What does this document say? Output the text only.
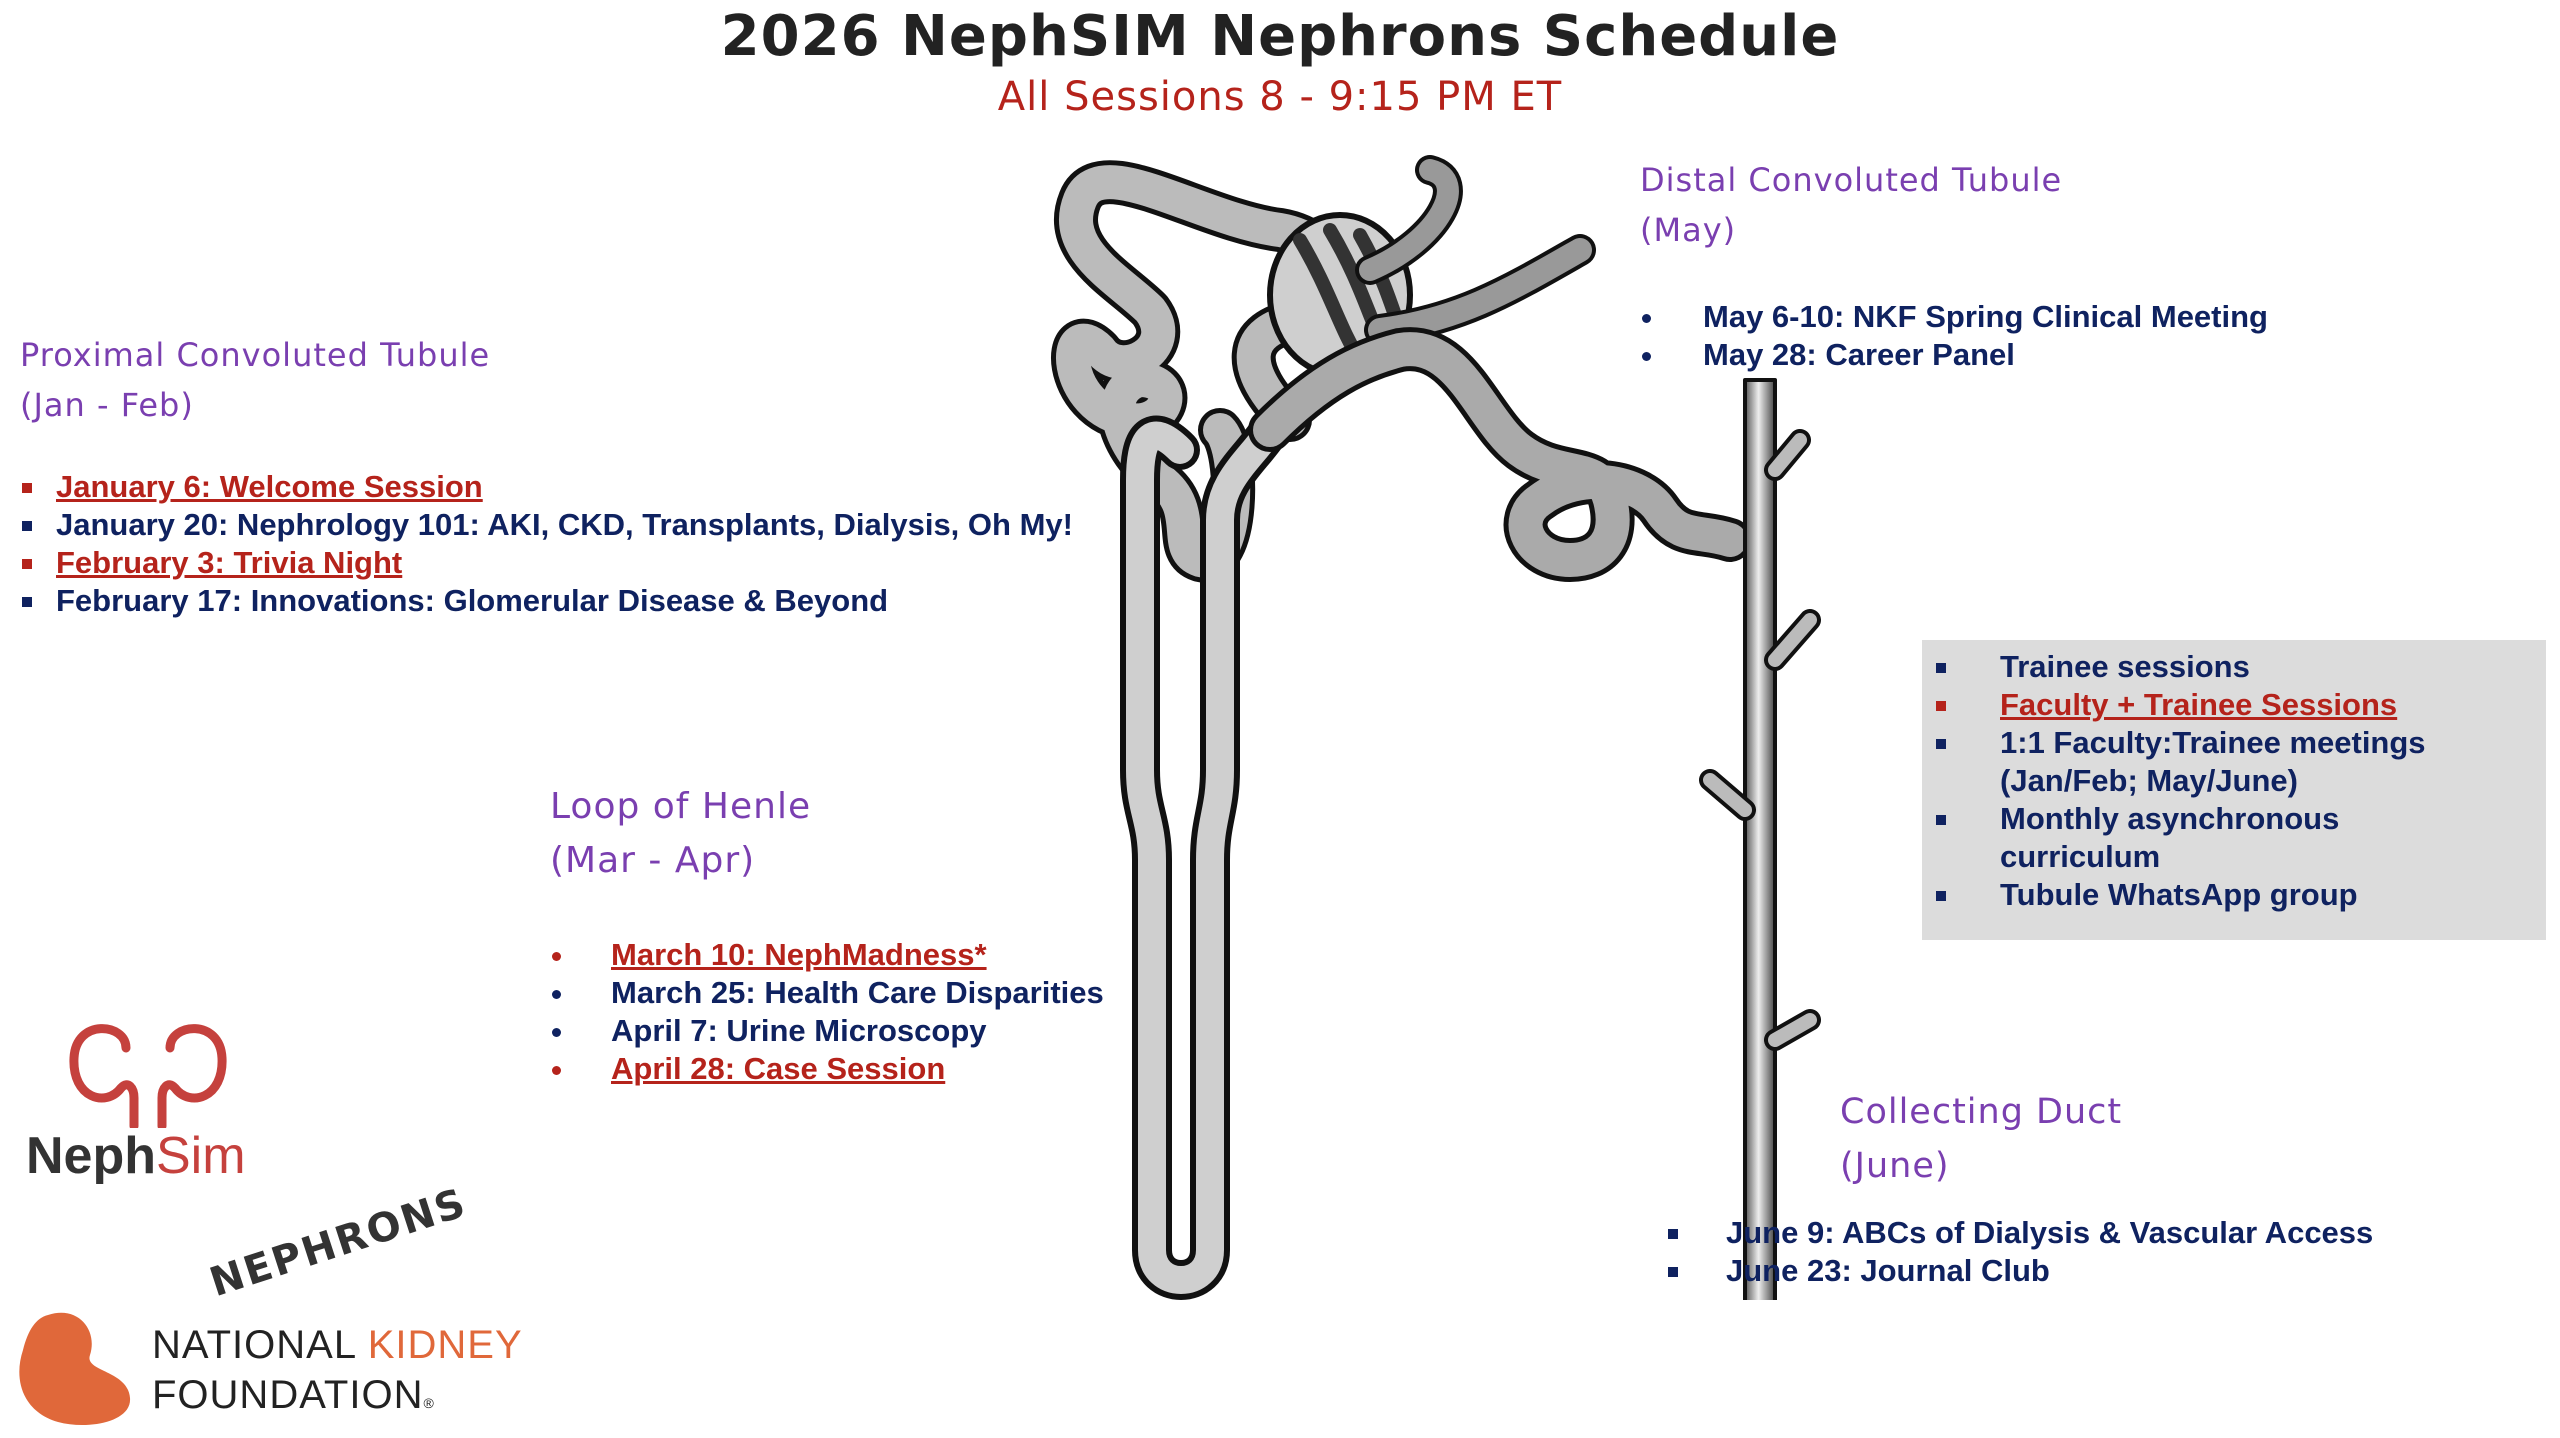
2026 NephSIM Nephrons Schedule
All Sessions 8 - 9:15 PM ET
Proximal Convoluted Tubule
(Jan - Feb)
January 6: Welcome Session
January 20: Nephrology 101: AKI, CKD, Transplants, Dialysis, Oh My!
February 3: Trivia Night
February 17: Innovations: Glomerular Disease & Beyond
Loop of Henle
(Mar - Apr)
March 10: NephMadness*
March 25: Health Care Disparities
April 7: Urine Microscopy
April 28: Case Session
Distal Convoluted Tubule
(May)
May 6-10: NKF Spring Clinical Meeting
May 28: Career Panel
Trainee sessions
Faculty + Trainee Sessions
1:1 Faculty:Trainee meetings (Jan/Feb; May/June)
Monthly asynchronous curriculum
Tubule WhatsApp group
Collecting Duct
(June)
June 9: ABCs of Dialysis & Vascular Access
June 23: Journal Club
NephSim
NEPHRONS
NATIONAL KIDNEY
FOUNDATION®
